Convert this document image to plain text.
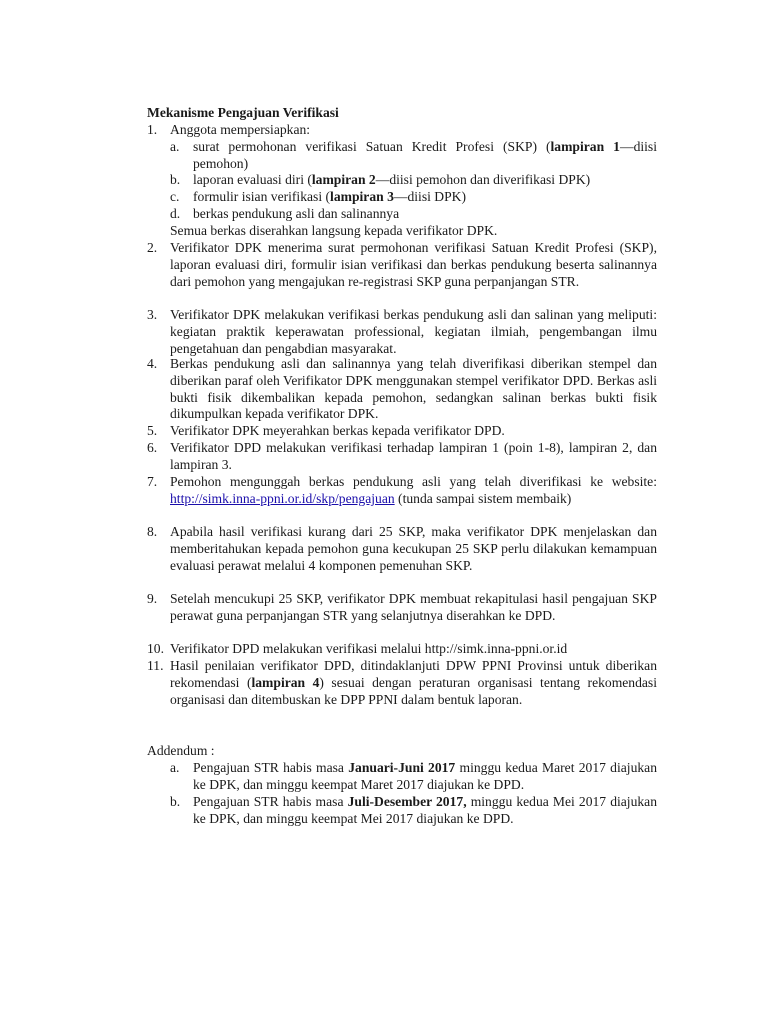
Mekanisme Pengajuan Verifikasi
1. Anggota mempersiapkan:
a. surat permohonan verifikasi Satuan Kredit Profesi (SKP) (lampiran 1—diisi pemohon)
b. laporan evaluasi diri (lampiran 2—diisi pemohon dan diverifikasi DPK)
c. formulir isian verifikasi (lampiran 3—diisi DPK)
d. berkas pendukung asli dan salinannya
Semua berkas diserahkan langsung kepada verifikator DPK.
2. Verifikator DPK menerima surat permohonan verifikasi Satuan Kredit Profesi (SKP), laporan evaluasi diri, formulir isian verifikasi dan berkas pendukung beserta salinannya dari pemohon yang mengajukan re-registrasi SKP guna perpanjangan STR.
3. Verifikator DPK melakukan verifikasi berkas pendukung asli dan salinan yang meliputi: kegiatan praktik keperawatan professional, kegiatan ilmiah, pengembangan ilmu pengetahuan dan pengabdian masyarakat.
4. Berkas pendukung asli dan salinannya yang telah diverifikasi diberikan stempel dan diberikan paraf oleh Verifikator DPK menggunakan stempel verifikator DPD. Berkas asli bukti fisik dikembalikan kepada pemohon, sedangkan salinan berkas bukti fisik dikumpulkan kepada verifikator DPK.
5. Verifikator DPK meyerahkan berkas kepada verifikator DPD.
6. Verifikator DPD melakukan verifikasi terhadap lampiran 1 (poin 1-8), lampiran 2, dan lampiran 3.
7. Pemohon mengunggah berkas pendukung asli yang telah diverifikasi ke website: http://simk.inna-ppni.or.id/skp/pengajuan (tunda sampai sistem membaik)
8. Apabila hasil verifikasi kurang dari 25 SKP, maka verifikator DPK menjelaskan dan memberitahukan kepada pemohon guna kecukupan 25 SKP perlu dilakukan kemampuan evaluasi perawat melalui 4 komponen pemenuhan SKP.
9. Setelah mencukupi 25 SKP, verifikator DPK membuat rekapitulasi hasil pengajuan SKP perawat guna perpanjangan STR yang selanjutnya diserahkan ke DPD.
10. Verifikator DPD melakukan verifikasi melalui http://simk.inna-ppni.or.id
11. Hasil penilaian verifikator DPD, ditindaklanjuti DPW PPNI Provinsi untuk diberikan rekomendasi (lampiran 4) sesuai dengan peraturan organisasi tentang rekomendasi organisasi dan ditembuskan ke DPP PPNI dalam bentuk laporan.
Addendum :
a. Pengajuan STR habis masa Januari-Juni 2017 minggu kedua Maret 2017 diajukan ke DPK, dan minggu keempat Maret 2017 diajukan ke DPD.
b. Pengajuan STR habis masa Juli-Desember 2017, minggu kedua Mei 2017 diajukan ke DPK, dan minggu keempat Mei 2017 diajukan ke DPD.
